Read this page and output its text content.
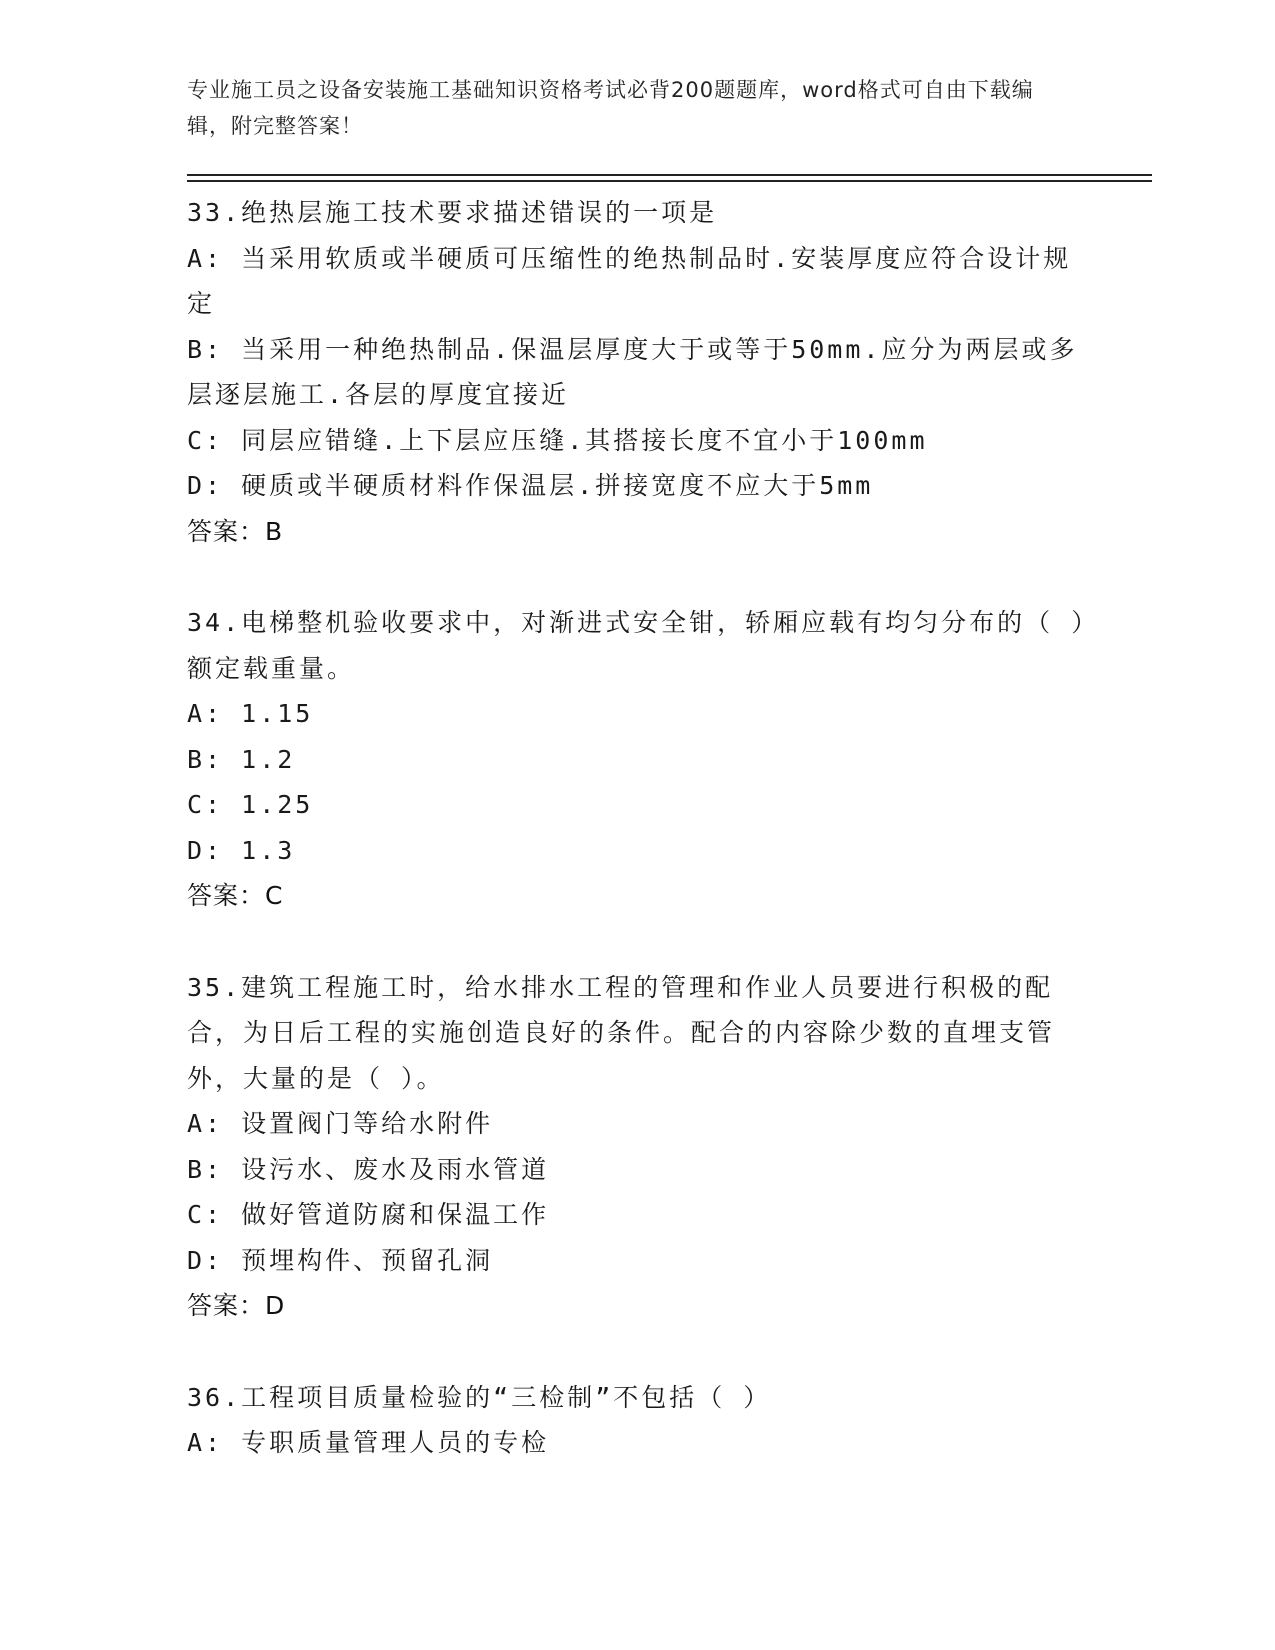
专业施工员之设备安装施工基础知识资格考试必背200题题库，word格式可自由下载编辑，附完整答案！

33.绝热层施工技术要求描述错误的一项是

A: 当采用软质或半硬质可压缩性的绝热制品时.安装厚度应符合设计规定

B: 当采用一种绝热制品.保温层厚度大于或等于50mm.应分为两层或多层逐层施工.各层的厚度宜接近

C: 同层应错缝.上下层应压缝.其搭接长度不宜小于100mm

D: 硬质或半硬质材料作保温层.拼接宽度不应大于5mm

答案：B

34.电梯整机验收要求中，对渐进式安全钳，轿厢应载有均匀分布的（ ）额定载重量。

A: 1.15

B: 1.2

C: 1.25

D: 1.3

答案：C

35.建筑工程施工时，给水排水工程的管理和作业人员要进行积极的配合，为日后工程的实施创造良好的条件。配合的内容除少数的直埋支管外，大量的是（ ）。

A: 设置阀门等给水附件

B: 设污水、废水及雨水管道

C: 做好管道防腐和保温工作

D: 预埋构件、预留孔洞

答案：D

36.工程项目质量检验的“三检制”不包括（ ）

A: 专职质量管理人员的专检
